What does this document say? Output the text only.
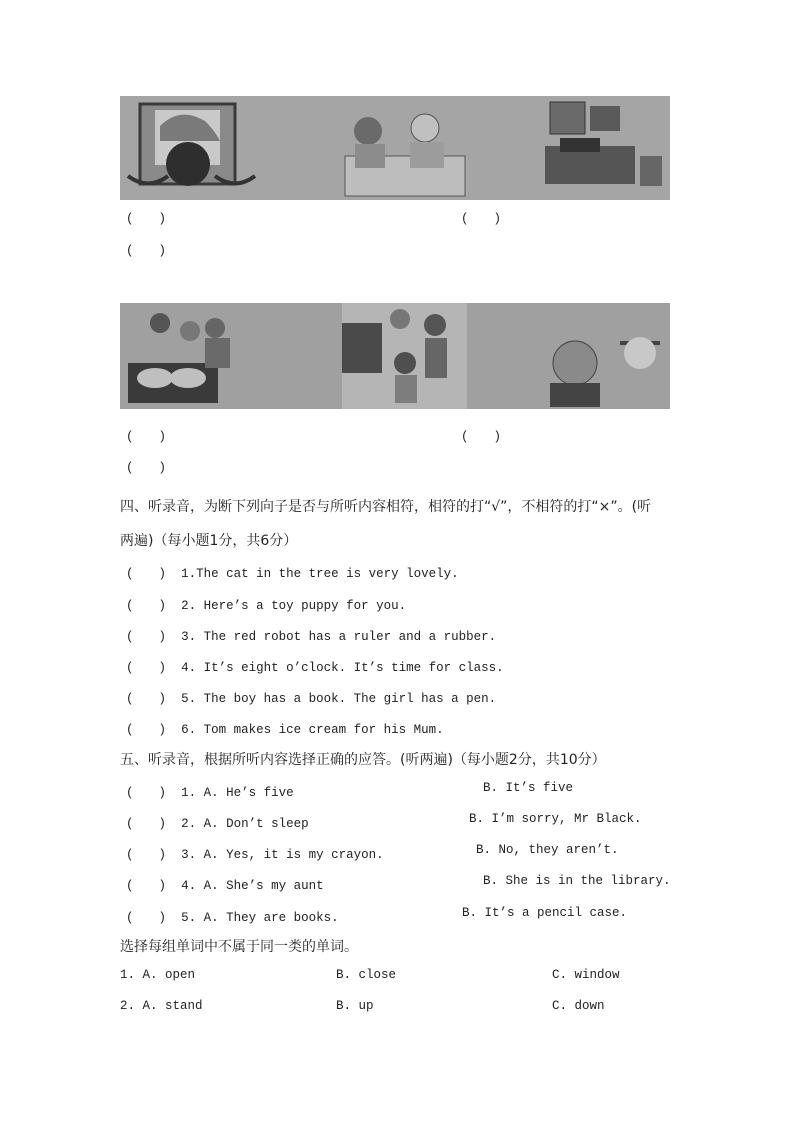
(　　)	(　　)
(　　)
(　　)	(　　)
(　　)
四、听录音，为断下列向子是否与所听内容相符，相符的打“√”，不相符的打“×”。(听
两遍)（每小题1分，共6分）
(　　) 1.The cat in the tree is very lovely.
(　　) 2. Here’s a toy puppy for you.
(　　) 3. The red robot has a ruler and a rubber.
(　　) 4. It’s eight o’clock. It’s time for class.
(　　) 5. The boy has a book. The girl has a pen.
(　　) 6. Tom makes ice cream for his Mum.
五、听录音，根据所听内容选择正确的应答。(听两遍)（每小题2分，共10分）
(　　) 1. A. He’s five	B. It’s five
(　　) 2. A. Don’t sleep	B. I’m sorry, Mr Black.
(　　) 3. A. Yes, it is my crayon.	B. No, they aren’t.
(　　) 4. A. She’s my aunt	B. She is in the library.
(　　) 5. A. They are books.	B. It’s a pencil case.
选择每组单词中不属于同一类的单词。
1. A. open	B. close	C. window
2. A. stand	B. up	C. down
